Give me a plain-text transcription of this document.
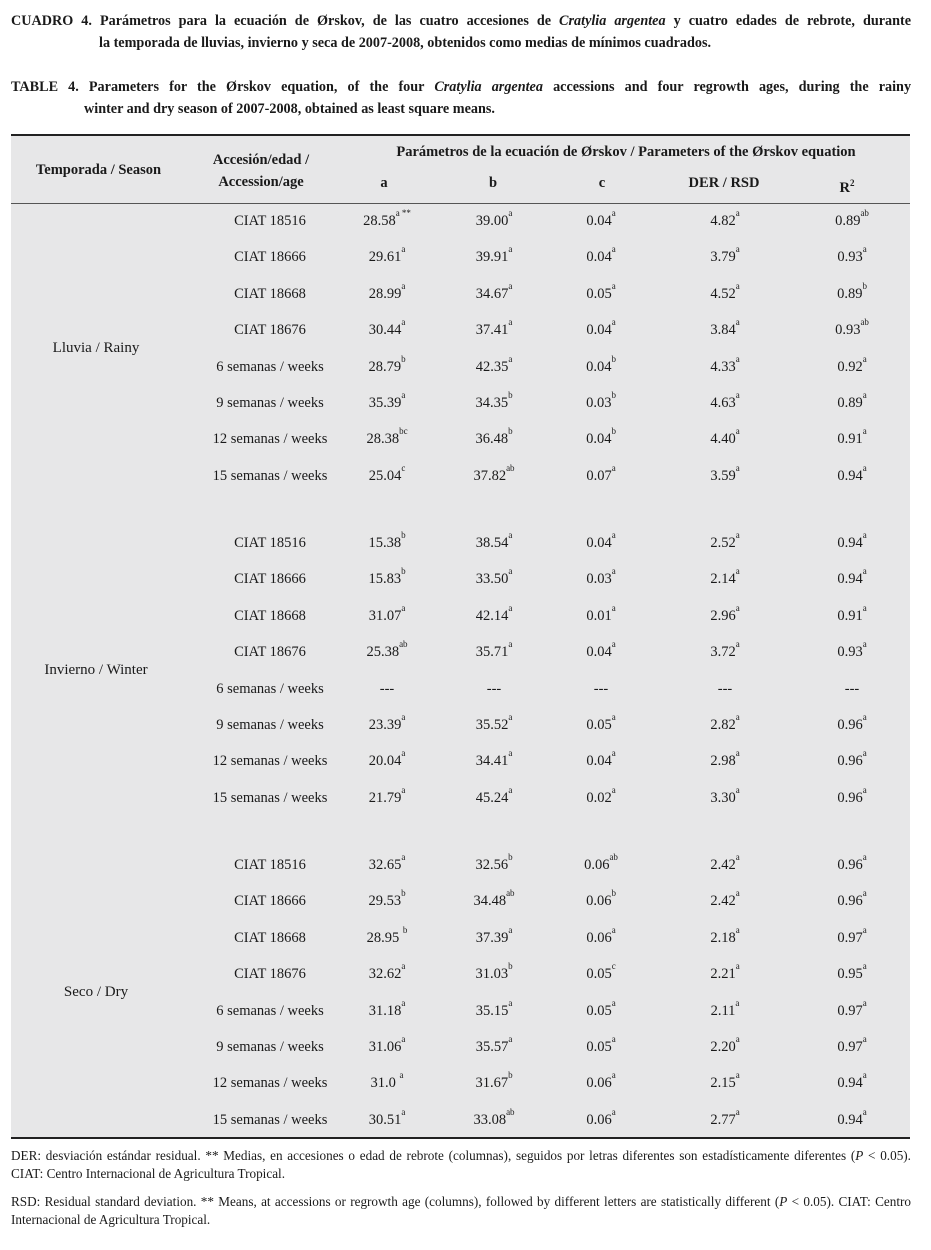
CUADRO 4. Parámetros para la ecuación de Ørskov, de las cuatro accesiones de Cratylia argentea y cuatro edades de rebrote, durante
la temporada de lluvias, invierno y seca de 2007-2008, obtenidos como medias de mínimos cuadrados.
TABLE 4. Parameters for the Ørskov equation, of the four Cratylia argentea accessions and four regrowth ages, during the rainy
winter and dry season of 2007-2008, obtained as least square means.
Temporada / Season
Accesión/edad / Accession/age
Parámetros de la ecuación de Ørskov / Parameters of the Ørskov equation
a	b	c	DER / RSD	$R^2$
Lluvia / Rainy
CIAT 18516	$28.58^{a **}$	39.00$^a$	0.04$^a$	4.82$^a$	0.89$^{ab}$
CIAT 18666	29.61$^a$	39.91$^a$	0.04$^a$	3.79$^a$	0.93$^a$
CIAT 18668	28.99$^a$	34.67$^a$	0.05$^a$	4.52$^a$	0.89$^b$
CIAT 18676	30.44$^a$	37.41$^a$	0.04$^a$	3.84$^a$	0.93$^{ab}$
6 semanas / weeks	28.79$^b$	42.35$^a$	0.04$^b$	4.33$^a$	0.92$^a$
9 semanas / weeks	35.39$^a$	34.35$^b$	0.03$^b$	4.63$^a$	0.89$^a$
12 semanas / weeks	28.38$^{bc}$	36.48$^b$	0.04$^b$	4.40$^a$	0.91$^a$
15 semanas / weeks	25.04$^c$	37.82$^{ab}$	0.07$^a$	3.59$^a$	0.94$^a$
Invierno / Winter
CIAT 18516	15.38$^b$	38.54$^a$	0.04$^a$	2.52$^a$	0.94$^a$
CIAT 18666	15.83$^b$	33.50$^a$	0.03$^a$	2.14$^a$	0.94$^a$
CIAT 18668	31.07$^a$	42.14$^a$	0.01$^a$	2.96$^a$	0.91$^a$
CIAT 18676	25.38$^{ab}$	35.71$^a$	0.04$^a$	3.72$^a$	0.93$^a$
6 semanas / weeks	---	---	---	---	---
9 semanas / weeks	23.39$^a$	35.52$^a$	0.05$^a$	2.82$^a$	0.96$^a$
12 semanas / weeks	20.04$^a$	34.41$^a$	0.04$^a$	2.98$^a$	0.96$^a$
15 semanas / weeks	21.79$^a$	45.24$^a$	0.02$^a$	3.30$^a$	0.96$^a$
Seco / Dry
CIAT 18516	32.65$^a$	32.56$^b$	0.06$^{ab}$	2.42$^a$	0.96$^a$
CIAT 18666	29.53$^b$	34.48$^{ab}$	0.06$^b$	2.42$^a$	0.96$^a$
CIAT 18668	28.95 $^b$	37.39$^a$	0.06$^a$	2.18$^a$	0.97$^a$
CIAT 18676	32.62$^a$	31.03$^b$	0.05$^c$	2.21$^a$	0.95$^a$
6 semanas / weeks	31.18$^a$	35.15$^a$	0.05$^a$	2.11$^a$	0.97$^a$
9 semanas / weeks	31.06$^a$	35.57$^a$	0.05$^a$	2.20$^a$	0.97$^a$
12 semanas / weeks	31.0 $^a$	31.67$^b$	0.06$^a$	2.15$^a$	0.94$^a$
15 semanas / weeks	30.51$^a$	33.08$^{ab}$	0.06$^a$	2.77$^a$	0.94$^a$
DER: desviación estándar residual. ** Medias, en accesiones o edad de rebrote (columnas), seguidos por letras diferentes son estadísticamente diferentes (P < 0.05). CIAT: Centro Internacional de Agricultura Tropical.
RSD: Residual standard deviation. ** Means, at accessions or regrowth age (columns), followed by different letters are statistically different (P < 0.05). CIAT: Centro Internacional de Agricultura Tropical.
